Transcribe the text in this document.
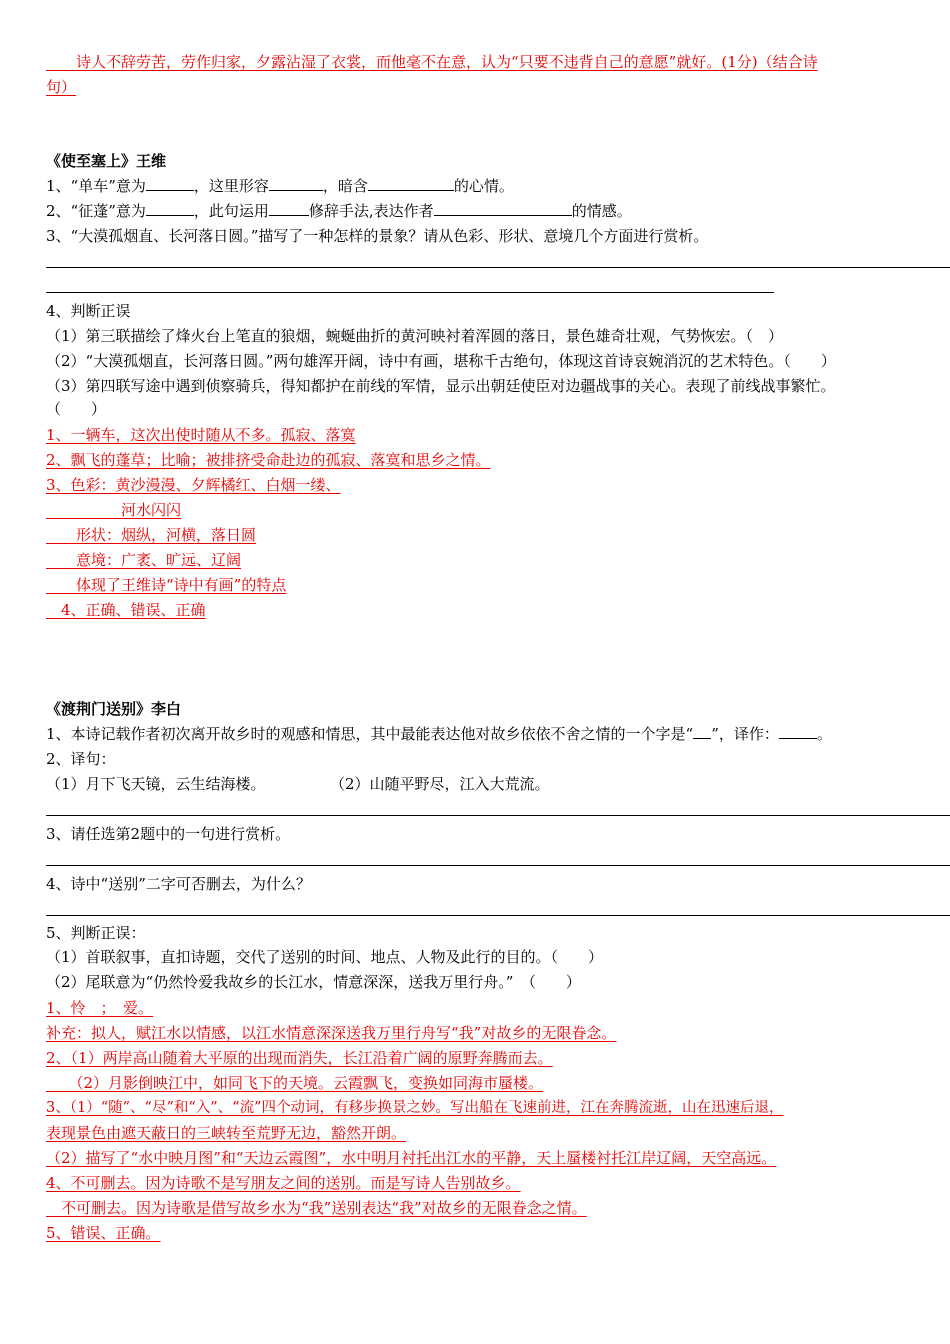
　　诗人不辞劳苦，劳作归家，夕露沾湿了衣裳，而他毫不在意，认为“只要不违背自己的意愿”就好。(1分)（结合诗
句）
《使至塞上》王维
1、“单车”意为	，这里形容	，暗含	的心情。
2、“征蓬”意为	，此句运用	修辞手法,表达作者	的情感。
3、“大漠孤烟直、长河落日圆。”描写了一种怎样的景象？请从色彩、形状、意境几个方面进行赏析。
4、判断正误
（1）第三联描绘了烽火台上笔直的狼烟，蜿蜒曲折的黄河映衬着浑圆的落日，景色雄奇壮观，气势恢宏。（　）
（2）“大漠孤烟直，长河落日圆。”两句雄浑开阔，诗中有画，堪称千古绝句，体现这首诗哀婉消沉的艺术特色。（　　）
（3）第四联写途中遇到侦察骑兵，得知都护在前线的军情，显示出朝廷使臣对边疆战事的关心。表现了前线战事繁忙。
（　　）
1、一辆车，这次出使时随从不多。孤寂、落寞
2、飘飞的蓬草；比喻；被排挤受命赴边的孤寂、落寞和思乡之情。
3、色彩：黄沙漫漫、夕辉橘红、白烟一缕、
　　　　　河水闪闪
　　形状：烟纵，河横，落日圆
　　意境：广袤、旷远、辽阔
　　体现了王维诗“诗中有画”的特点
　4、正确、错误、正确
《渡荆门送别》李白
1、本诗记载作者初次离开故乡时的观感和情思，其中最能表达他对故乡依依不舍之情的一个字是“ ”，译作：	。
2、译句：
（1）月下飞天镜，云生结海楼。	（2）山随平野尽，江入大荒流。
3、请任选第2题中的一句进行赏析。
4、诗中“送别”二字可否删去，为什么？
5、判断正误：
（1）首联叙事，直扣诗题，交代了送别的时间、地点、人物及此行的目的。（　　）
（2）尾联意为“仍然怜爱我故乡的长江水，情意深深，送我万里行舟。”　（　　）
1、怜　；　爱。
补充：拟人，赋江水以情感，以江水情意深深送我万里行舟写“我”对故乡的无限眷念。
2、（1）两岸高山随着大平原的出现而消失，长江沿着广阔的原野奔腾而去。
　　（2）月影倒映江中，如同飞下的天境。云霞飘飞，变换如同海市蜃楼。
3、（1）“随”、“尽”和“入”、“流”四个动词，有移步换景之妙。写出船在飞速前进，江在奔腾流逝，山在迅速后退，
表现景色由遮天蔽日的三峡转至荒野无边，豁然开朗。
（2）描写了“水中映月图”和“天边云霞图”，水中明月衬托出江水的平静，天上蜃楼衬托江岸辽阔，天空高远。
4、不可删去。因为诗歌不是写朋友之间的送别。而是写诗人告别故乡。
　不可删去。因为诗歌是借写故乡水为“我”送别表达“我”对故乡的无限眷念之情。
5、错误、正确。
